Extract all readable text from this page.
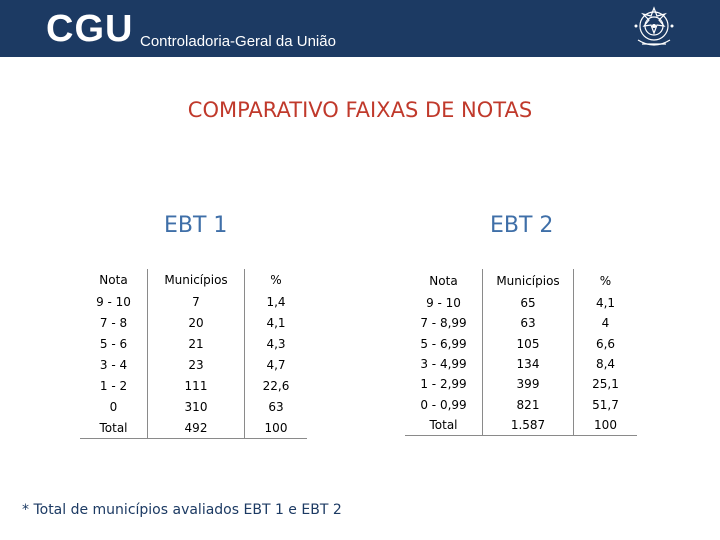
CGU Controladoria-Geral da União
COMPARATIVO FAIXAS DE NOTAS
EBT 1	EBT 2
Nota	Municípios	%
9 - 10	7	1,4
7 - 8	20	4,1
5 - 6	21	4,3
3 - 4	23	4,7
1 - 2	111	22,6
0	310	63
Total	492	100
Nota	Municípios	%
9 - 10	65	4,1
7 - 8,99	63	4
5 - 6,99	105	6,6
3 - 4,99	134	8,4
1 - 2,99	399	25,1
0 - 0,99	821	51,7
Total	1.587	100
* Total de municípios avaliados EBT 1 e EBT 2
